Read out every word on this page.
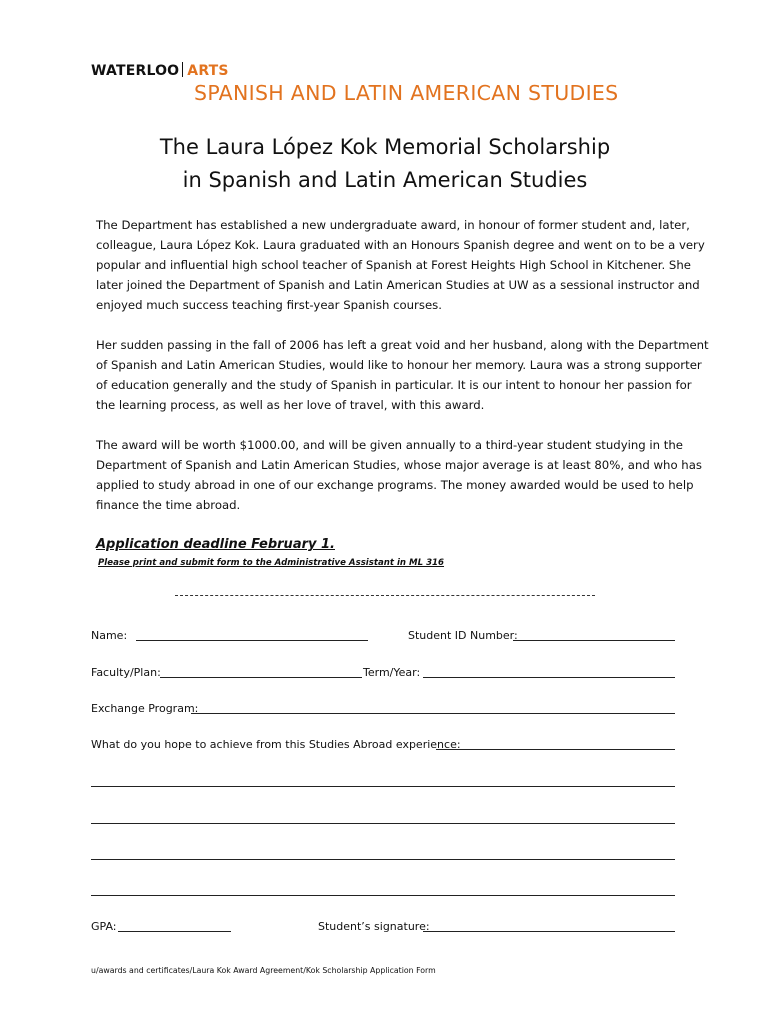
WATERLOO ARTS
SPANISH AND LATIN AMERICAN STUDIES
The Laura López Kok Memorial Scholarship
in Spanish and Latin American Studies
The Department has established a new undergraduate award, in honour of former student and, later,
colleague, Laura López Kok. Laura graduated with an Honours Spanish degree and went on to be a very
popular and influential high school teacher of Spanish at Forest Heights High School in Kitchener. She
later joined the Department of Spanish and Latin American Studies at UW as a sessional instructor and
enjoyed much success teaching first-year Spanish courses.
Her sudden passing in the fall of 2006 has left a great void and her husband, along with the Department
of Spanish and Latin American Studies, would like to honour her memory. Laura was a strong supporter
of education generally and the study of Spanish in particular. It is our intent to honour her passion for
the learning process, as well as her love of travel, with this award.
The award will be worth $1000.00, and will be given annually to a third-year student studying in the
Department of Spanish and Latin American Studies, whose major average is at least 80%, and who has
applied to study abroad in one of our exchange programs. The money awarded would be used to help
finance the time abroad.
Application deadline February 1.
Please print and submit form to the Administrative Assistant in ML 316
Name:	Student ID Number:
Faculty/Plan:	Term/Year:
Exchange Program:
What do you hope to achieve from this Studies Abroad experience:
GPA:	Student’s signature:
u/awards and certificates/Laura Kok Award Agreement/Kok Scholarship Application Form
